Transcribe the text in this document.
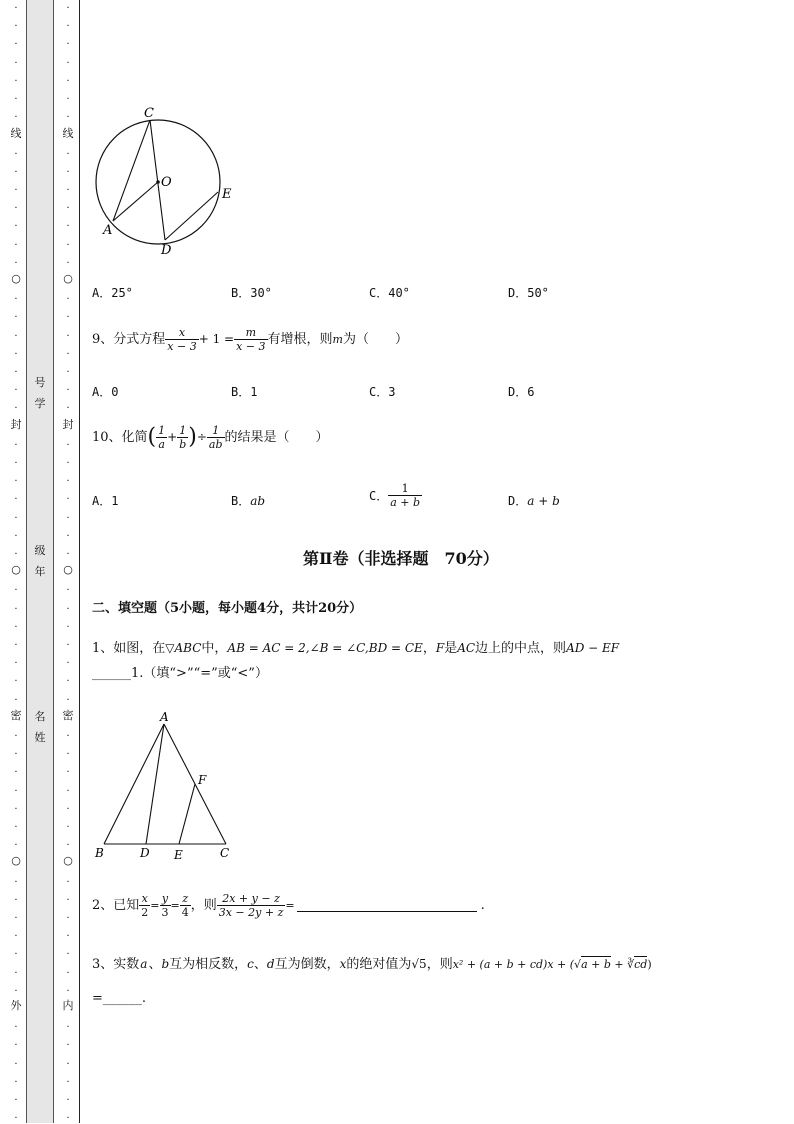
·
·
·
·
·
·
·
·
·
·
·
·
·
·
·
·
·
·
·
·
·
·
·
·
·
·
·
·
·
·
·
·
·
·
·
·
·
·
·
·
·
·
·
·
·
·
·
·
·
·
·
·
·
·
·
线
封
密
外
○
○
○
·
·
·
·
·
·
·
·
·
·
·
·
·
·
·
·
·
·
·
·
·
·
·
·
·
·
·
·
·
·
·
·
·
·
·
·
·
·
·
·
·
·
·
·
·
·
·
·
·
·
·
·
·
·
·
线
封
密
内
○
○
○
号
学
级
年
名
姓
C
O
E
A
D
A．25°	B．30°	C．40°	D．50°
9、分式方程 $\frac{x}{x - 3} + 1 = \frac{m}{x - 3}$ 有增根，则m为（　　）
A．0	B．1	C．3	D．6
10、化简( $\frac{1}{a} + \frac{1}{b}$ )÷ $\frac{1}{ab}$ 的结果是（　　）
A．1	B．ab	C． $\frac{1}{a + b}$	D．a + b
第Ⅱ卷（非选择题　70分）
二、填空题（5小题，每小题4分，共计20分）
1、如图，在▽ABC中，AB = AC = 2,∠B = ∠C,BD = CE，F是AC边上的中点，则AD − EF
______1.（填“>”“=”或“<”）
A
F
B	D E	C
2、已知 $\frac{x}{2} = \frac{y}{3} = \frac{z}{4}$ ，则 $\frac{2x + y - z}{3x - 2y + z}$ =	.
3、实数a、b互为相反数，c、d互为倒数，x的绝对值为√5，则x² + (a + b + cd)x + (√a + b + ∛cd)
=______.
